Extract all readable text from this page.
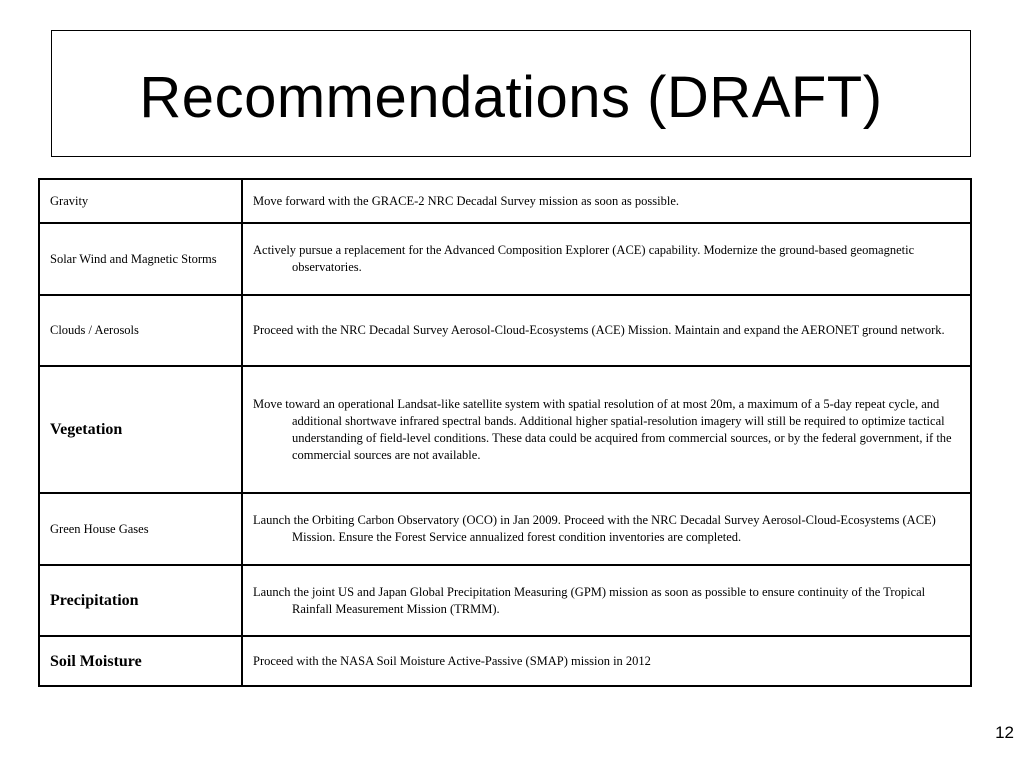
Recommendations (DRAFT)
Gravity	Move forward with the GRACE-2 NRC Decadal Survey mission as soon as possible.

Solar Wind and Magnetic Storms	Actively pursue a replacement for the Advanced Composition Explorer (ACE) capability. Modernize the ground-based geomagnetic observatories.

Clouds / Aerosols	Proceed with the NRC Decadal Survey Aerosol-Cloud-Ecosystems (ACE) Mission. Maintain and expand the AERONET ground network.

Vegetation	Move toward an operational Landsat-like satellite system with spatial resolution of at most 20m, a maximum of a 5-day repeat cycle, and additional shortwave infrared spectral bands. Additional higher spatial-resolution imagery will still be required to optimize tactical understanding of field-level conditions. These data could be acquired from commercial sources, or by the federal government, if the commercial sources are not available.

Green House Gases	Launch the Orbiting Carbon Observatory (OCO) in Jan 2009. Proceed with the NRC Decadal Survey Aerosol-Cloud-Ecosystems (ACE) Mission. Ensure the Forest Service annualized forest condition inventories are completed.

Precipitation	Launch the joint US and Japan Global Precipitation Measuring (GPM) mission as soon as possible to ensure continuity of the Tropical Rainfall Measurement Mission (TRMM).

Soil Moisture	Proceed with the NASA Soil Moisture Active-Passive (SMAP) mission in 2012
12
